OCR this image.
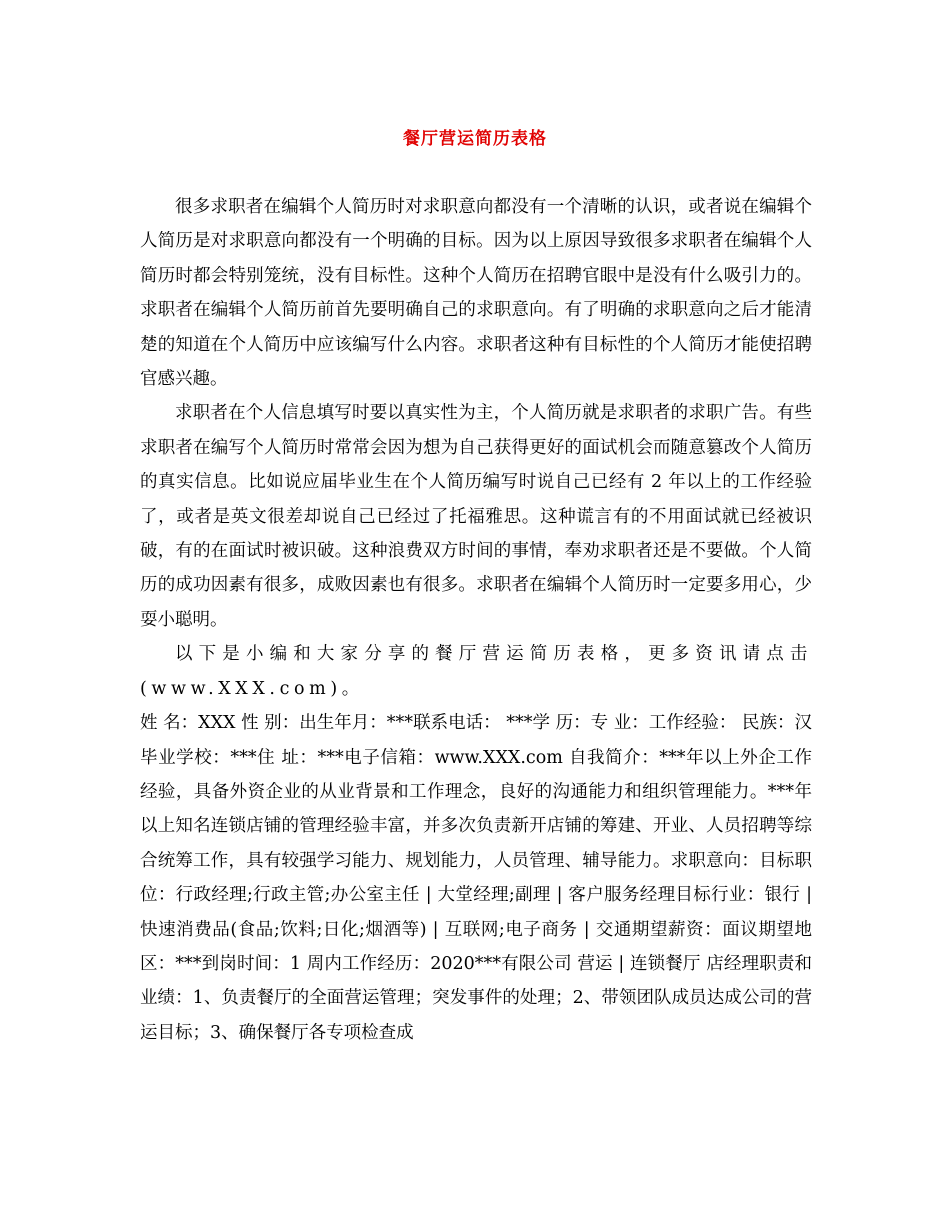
餐厅营运简历表格

很多求职者在编辑个人简历时对求职意向都没有一个清晰的认识，或者说在编辑个人简历是对求职意向都没有一个明确的目标。因为以上原因导致很多求职者在编辑个人简历时都会特别笼统，没有目标性。这种个人简历在招聘官眼中是没有什么吸引力的。求职者在编辑个人简历前首先要明确自己的求职意向。有了明确的求职意向之后才能清楚的知道在个人简历中应该编写什么内容。求职者这种有目标性的个人简历才能使招聘官感兴趣。

求职者在个人信息填写时要以真实性为主，个人简历就是求职者的求职广告。有些求职者在编写个人简历时常常会因为想为自己获得更好的面试机会而随意篡改个人简历的真实信息。比如说应届毕业生在个人简历编写时说自己已经有 2 年以上的工作经验了，或者是英文很差却说自己已经过了托福雅思。这种谎言有的不用面试就已经被识破，有的在面试时被识破。这种浪费双方时间的事情，奉劝求职者还是不要做。个人简历的成功因素有很多，成败因素也有很多。求职者在编辑个人简历时一定要多用心，少耍小聪明。

以下是小编和大家分享的餐厅营运简历表格，更多资讯请点击(www.XXX.com)。

姓 名：XXX 性 别：出生年月：***联系电话： ***学 历：专 业：工作经验： 民族：汉毕业学校：***住 址：***电子信箱：www.XXX.com 自我简介：***年以上外企工作经验，具备外资企业的从业背景和工作理念，良好的沟通能力和组织管理能力。***年以上知名连锁店铺的管理经验丰富，并多次负责新开店铺的筹建、开业、人员招聘等综合统筹工作，具有较强学习能力、规划能力，人员管理、辅导能力。求职意向：目标职位：行政经理;行政主管;办公室主任 | 大堂经理;副理 | 客户服务经理目标行业：银行 | 快速消费品(食品;饮料;日化;烟酒等) | 互联网;电子商务 | 交通期望薪资：面议期望地区：***到岗时间：1 周内工作经历：2020***有限公司 营运 | 连锁餐厅 店经理职责和业绩：1、负责餐厅的全面营运管理；突发事件的处理；2、带领团队成员达成公司的营运目标；3、确保餐厅各专项检查成
